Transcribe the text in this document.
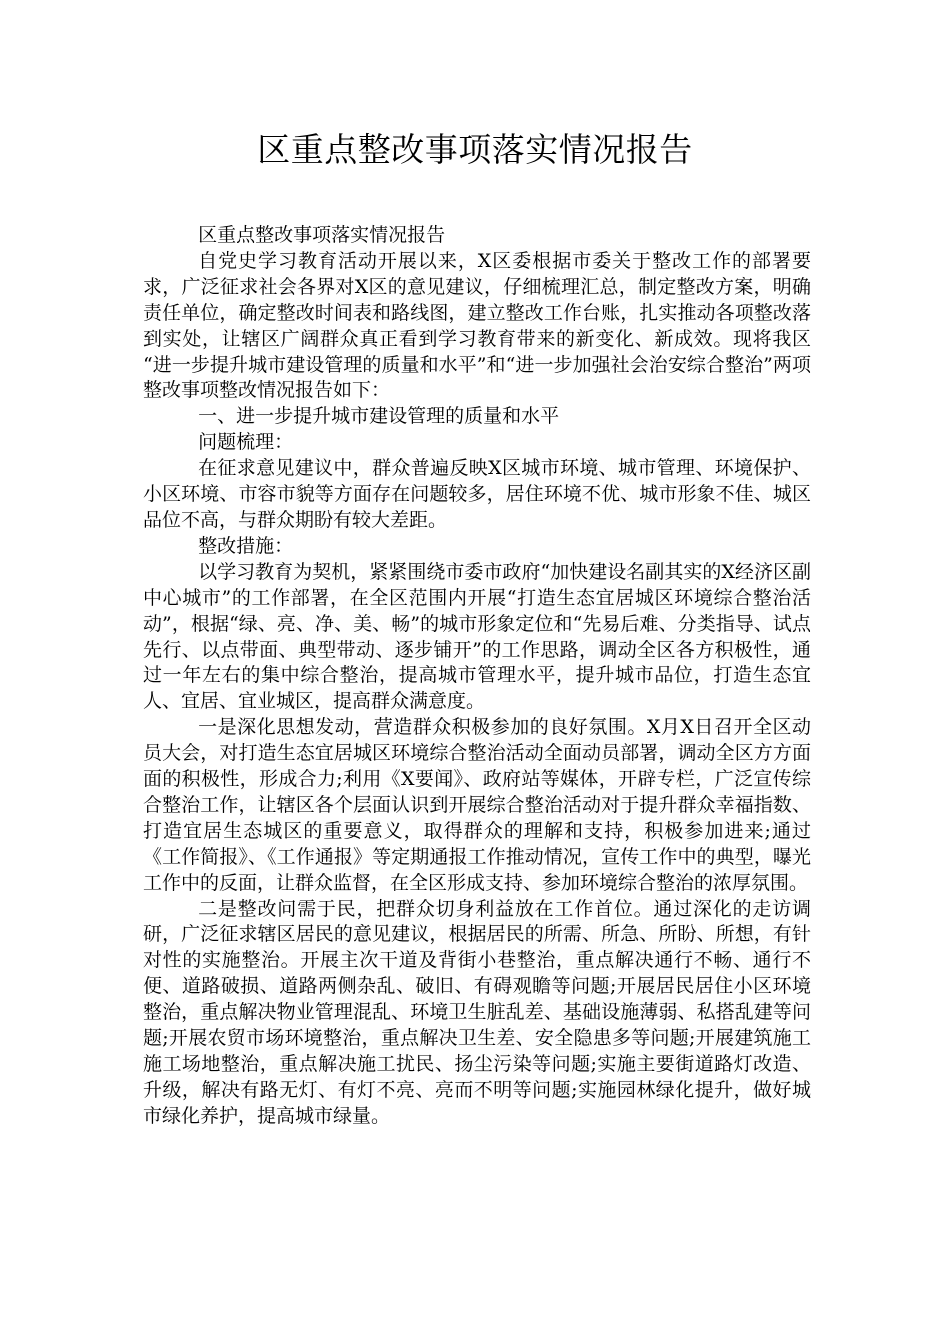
区重点整改事项落实情况报告

区重点整改事项落实情况报告

自党史学习教育活动开展以来，X区委根据市委关于整改工作的部署要求，广泛征求社会各界对X区的意见建议，仔细梳理汇总，制定整改方案，明确责任单位，确定整改时间表和路线图，建立整改工作台账，扎实推动各项整改落到实处，让辖区广阔群众真正看到学习教育带来的新变化、新成效。现将我区 “进一步提升城市建设管理的质量和水平”和“进一步加强社会治安综合整治”两项整改事项整改情况报告如下：

一、进一步提升城市建设管理的质量和水平

问题梳理：

在征求意见建议中，群众普遍反映X区城市环境、城市管理、环境保护、小区环境、市容市貌等方面存在问题较多，居住环境不优、城市形象不佳、城区品位不高，与群众期盼有较大差距。

整改措施：

以学习教育为契机，紧紧围绕市委市政府“加快建设名副其实的X经济区副中心城市”的工作部署，在全区范围内开展“打造生态宜居城区环境综合整治活动”，根据“绿、亮、净、美、畅”的城市形象定位和“先易后难、分类指导、试点先行、以点带面、典型带动、逐步铺开”的工作思路，调动全区各方积极性，通过一年左右的集中综合整治，提高城市管理水平，提升城市品位，打造生态宜人、宜居、宜业城区，提高群众满意度。

一是深化思想发动，营造群众积极参加的良好氛围。X月X日召开全区动员大会，对打造生态宜居城区环境综合整治活动全面动员部署，调动全区方方面面的积极性，形成合力;利用《X要闻》、政府站等媒体，开辟专栏，广泛宣传综合整治工作，让辖区各个层面认识到开展综合整治活动对于提升群众幸福指数、打造宜居生态城区的重要意义，取得群众的理解和支持，积极参加进来;通过《工作简报》、《工作通报》等定期通报工作推动情况，宣传工作中的典型，曝光工作中的反面，让群众监督，在全区形成支持、参加环境综合整治的浓厚氛围。

二是整改问需于民，把群众切身利益放在工作首位。通过深化的走访调研，广泛征求辖区居民的意见建议，根据居民的所需、所急、所盼、所想，有针对性的实施整治。开展主次干道及背街小巷整治，重点解决通行不畅、通行不便、道路破损、道路两侧杂乱、破旧、有碍观瞻等问题;开展居民居住小区环境整治，重点解决物业管理混乱、环境卫生脏乱差、基础设施薄弱、私搭乱建等问题;开展农贸市场环境整治，重点解决卫生差、安全隐患多等问题;开展建筑施工施工场地整治，重点解决施工扰民、扬尘污染等问题;实施主要街道路灯改造、升级，解决有路无灯、有灯不亮、亮而不明等问题;实施园林绿化提升，做好城市绿化养护，提高城市绿量。
